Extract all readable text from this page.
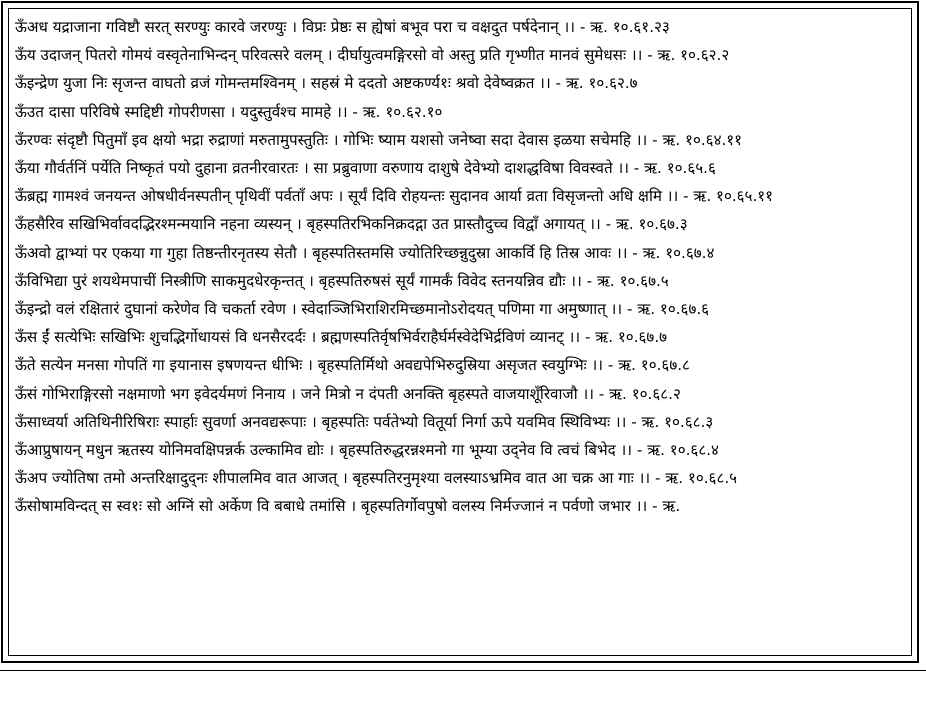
ऊँअध यद्राजाना गविष्टौ सरत् सरण्युः कारवे जरण्युः । विप्रः प्रेष्ठः स ह्येषां बभूव परा च वक्षदुत पर्षदेनान् ।। - ऋ. १०.६१.२३
ऊँय उदाजन् पितरो गोमयं वस्वृतेनाभिन्दन् परिवत्सरे वलम् । दीर्घायुत्वमङ्गिरसो वो अस्तु प्रति गृभ्णीत मानवं सुमेधसः ।। - ऋ. १०.६२.२
ऊँइन्द्रेण युजा निः सृजन्त वाघतो व्रजं गोमन्तमश्विनम् । सहस्रं मे ददतो अष्टकर्ण्य१ः श्रवो देवेष्वक्रत ।। - ऋ. १०.६२.७
ऊँउत दासा परिविषे स्मद्दिष्टी गोपरीणसा । यदुस्तुर्वश्च मामहे ।। - ऋ. १०.६२.१०
ऊँरण्वः संदृष्टौ पितुमाँ इव क्षयो भद्रा रुद्राणां मरुतामुपस्तुतिः । गोभिः ष्याम यशसो जनेष्वा सदा देवास इळया सचेमहि ।। - ऋ. १०.६४.११
ऊँया गौर्वर्तनिं पर्येति निष्कृतं पयो दुहाना व्रतनीरवारतः । सा प्रब्रुवाणा वरुणाय दाशुषे देवेभ्यो दाशद्धविषा विवस्वते ।। - ऋ. १०.६५.६
ऊँब्रह्म गामश्वं जनयन्त ओषधीर्वनस्पतीन् पृथिवीं पर्वताँ अपः । सूर्यं दिवि रोहयन्तः सुदानव आर्या व्रता विसृजन्तो अधि क्षमि ।। - ऋ. १०.६५.११
ऊँहसैरिव सखिभिर्वावदद्भिरश्मन्मयानि नहना व्यस्यन् । बृहस्पतिरभिकनिक्रदद्गा उत प्रास्तौदुच्च विद्वाँ अगायत् ।। - ऋ. १०.६७.३
ऊँअवो द्वाभ्यां पर एकया गा गुहा तिष्ठन्तीरनृतस्य सेतौ । बृहस्पतिस्तमसि ज्योतिरिच्छन्नुदुस्रा आकर्वि हि तिस्र आवः ।। - ऋ. १०.६७.४
ऊँविभिद्या पुरं शयथेमपाचीं निस्त्रीणि साकमुदधेरकृन्तत् । बृहस्पतिरुषसं सूर्यं गामर्कं विवेद स्तनयन्निव द्यौः ।। - ऋ. १०.६७.५
ऊँइन्द्रो वलं रक्षितारं दुघानां करेणेव वि चकर्ता रवेण । स्वेदाञ्जिभिराशिरमिच्छमानोऽरोदयत् पणिमा गा अमुष्णात् ।। - ऋ. १०.६७.६
ऊँस ईं सत्येभिः सखिभिः शुचद्भिर्गोधायसं वि धनसैरदर्दः । ब्रह्मणस्पतिर्वृषभिर्वराहैर्घर्मस्वेदेभिर्द्रविणं व्यानट् ।। - ऋ. १०.६७.७
ऊँते सत्येन मनसा गोपतिं गा इयानास इषणयन्त धीभिः । बृहस्पतिर्मिथो अवद्यपेभिरुदुस्रिया असृजत स्वयुग्भिः ।। - ऋ. १०.६७.८
ऊँसं गोभिराङ्गिरसो नक्षमाणो भग इवेदर्यमणं निनाय । जने मित्रो न दंपती अनक्ति बृहस्पते वाजयाशूँरिवाजौ ।। - ऋ. १०.६८.२
ऊँसाध्वर्या अतिथिनीरिषिराः स्पार्हाः सुवर्णा अनवद्यरूपाः । बृहस्पतिः पर्वतेभ्यो वितूर्या निर्गा ऊपे यवमिव स्थिविभ्यः ।। - ऋ. १०.६८.३
ऊँआप्रुषायन् मधुन ऋतस्य योनिमवक्षिपन्नर्क उल्कामिव द्योः । बृहस्पतिरुद्धरन्नश्मनो गा भूम्या उद्नेव वि त्वचं बिभेद ।। - ऋ. १०.६८.४
ऊँअप ज्योतिषा तमो अन्तरिक्षादुद्नः शीपालमिव वात आजत् । बृहस्पतिरनुमृश्या वलस्याऽभ्रमिव वात आ चक्र आ गाः ।। - ऋ. १०.६८.५
ऊँसोषामविन्दत् स स्व१ः सो अग्निं सो अर्केण वि बबाधे तमांसि । बृहस्पतिर्गोवपुषो वलस्य निर्मज्जानं न पर्वणो जभार ।। - ऋ.
